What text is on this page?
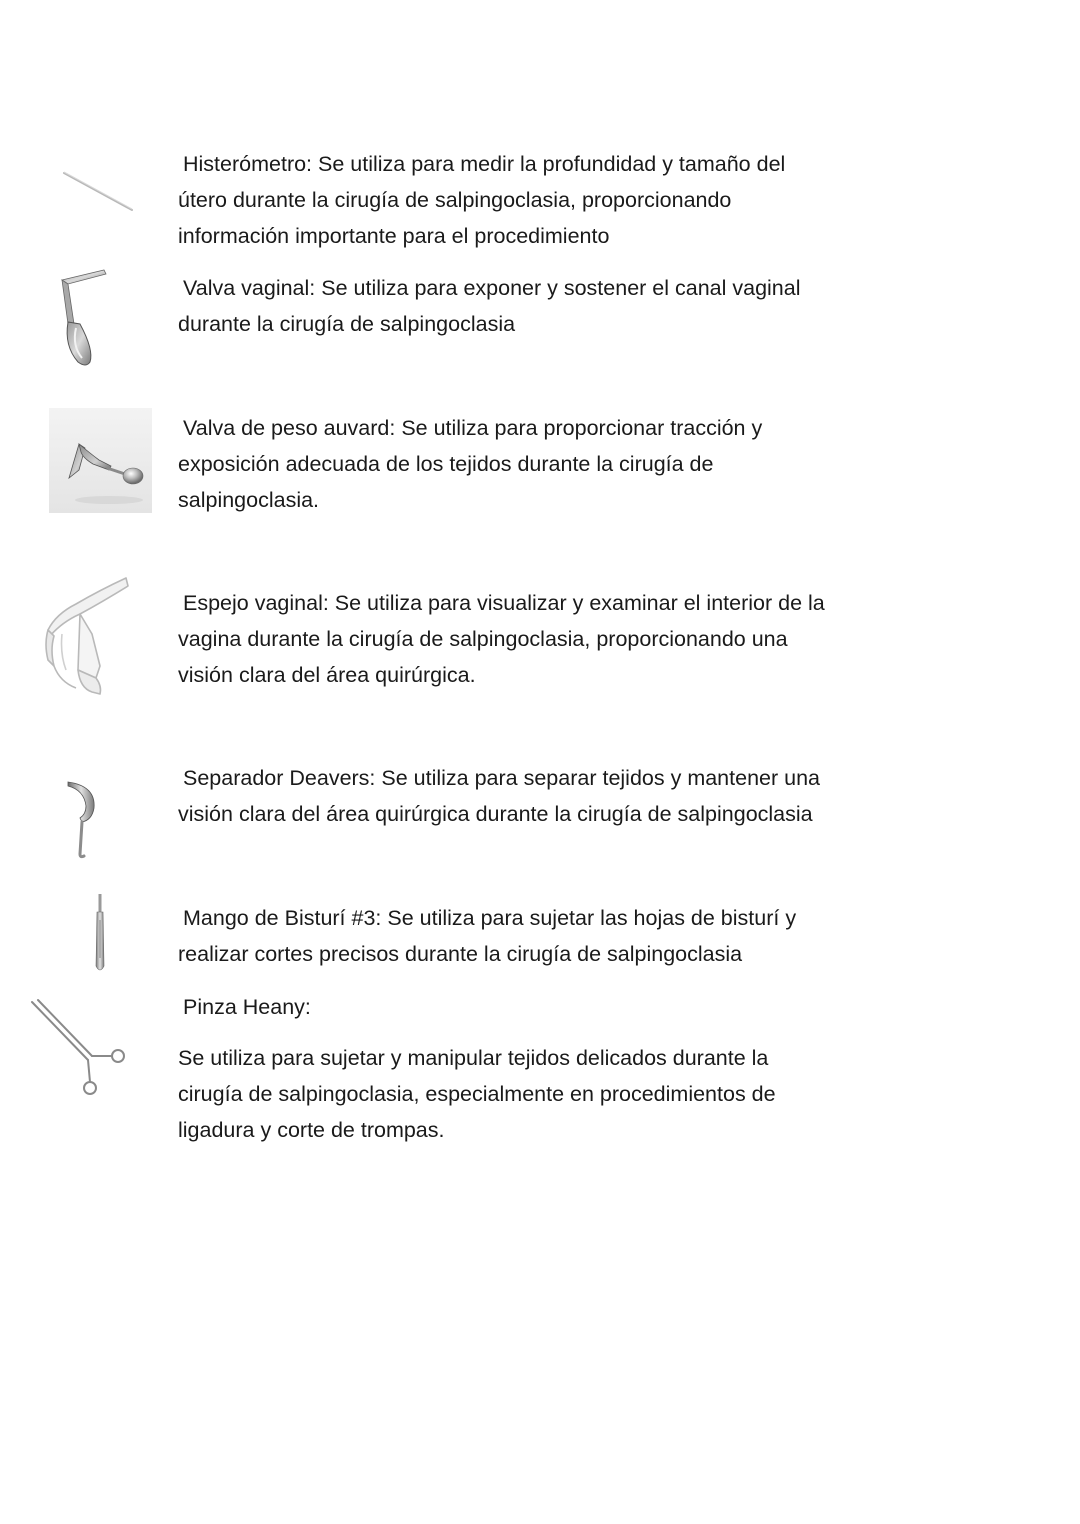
Histerómetro: Se utiliza para medir la profundidad y tamaño del
útero durante la cirugía de salpingoclasia, proporcionando
información importante para el procedimiento

Valva vaginal: Se utiliza para exponer y sostener el canal vaginal
durante la cirugía de salpingoclasia

Valva de peso auvard: Se utiliza para proporcionar tracción y
exposición adecuada de los tejidos durante la cirugía de
salpingoclasia.

Espejo vaginal: Se utiliza para visualizar y examinar el interior de la
vagina durante la cirugía de salpingoclasia, proporcionando una
visión clara del área quirúrgica.

Separador Deavers: Se utiliza para separar tejidos y mantener una
visión clara del área quirúrgica durante la cirugía de salpingoclasia

Mango de Bisturí #3: Se utiliza para sujetar las hojas de bisturí y
realizar cortes precisos durante la cirugía de salpingoclasia

Pinza Heany:

Se utiliza para sujetar y manipular tejidos delicados durante la
cirugía de salpingoclasia, especialmente en procedimientos de
ligadura y corte de trompas.
